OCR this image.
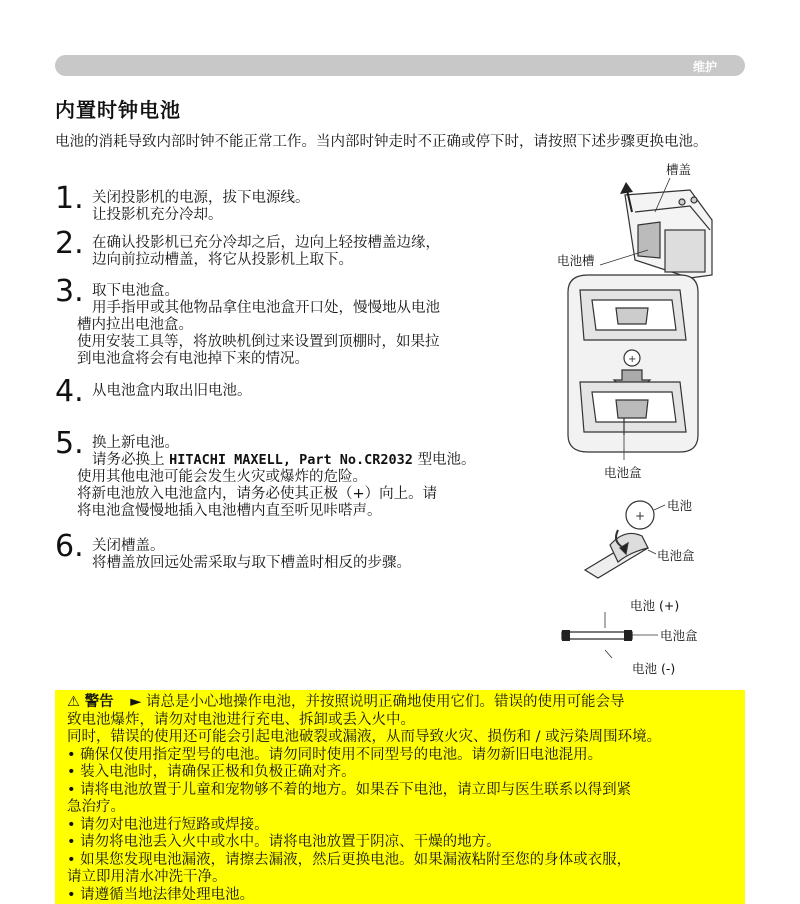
维护
内置时钟电池
电池的消耗导致内部时钟不能正常工作。当内部时钟走时不正确或停下时，请按照下述步骤更换电池。
1. 关闭投影机的电源，拔下电源线。
让投影机充分冷却。
2. 在确认投影机已充分冷却之后，边向上轻按槽盖边缘，
边向前拉动槽盖，将它从投影机上取下。
3. 取下电池盒。
用手指甲或其他物品拿住电池盒开口处，慢慢地从电池
槽内拉出电池盒。
使用安装工具等，将放映机倒过来设置到顶棚时，如果拉
到电池盒将会有电池掉下来的情况。
4. 从电池盒内取出旧电池。
5. 换上新电池。
请务必换上 HITACHI MAXELL, Part No.CR2032 型电池。
使用其他电池可能会发生火灾或爆炸的危险。
将新电池放入电池盒内，请务必使其正极（+）向上。请
将电池盒慢慢地插入电池槽内直至听见咔嗒声。
6. 关闭槽盖。
将槽盖放回远处需采取与取下槽盖时相反的步骤。
+
+
槽盖
电池槽
电池盒
电池
电池盒
电池 (+)
电池盒
电池 (-)
⚠ 警告 ► 请总是小心地操作电池，并按照说明正确地使用它们。错误的使用可能会导
致电池爆炸，请勿对电池进行充电、拆卸或丢入火中。
同时，错误的使用还可能会引起电池破裂或漏液，从而导致火灾、损伤和 / 或污染周围环境。
• 确保仅使用指定型号的电池。请勿同时使用不同型号的电池。请勿新旧电池混用。
• 装入电池时，请确保正极和负极正确对齐。
• 请将电池放置于儿童和宠物够不着的地方。如果吞下电池，请立即与医生联系以得到紧
急治疗。
• 请勿对电池进行短路或焊接。
• 请勿将电池丢入火中或水中。请将电池放置于阴凉、干燥的地方。
• 如果您发现电池漏液，请擦去漏液，然后更换电池。如果漏液粘附至您的身体或衣服，
请立即用清水冲洗干净。
• 请遵循当地法律处理电池。
